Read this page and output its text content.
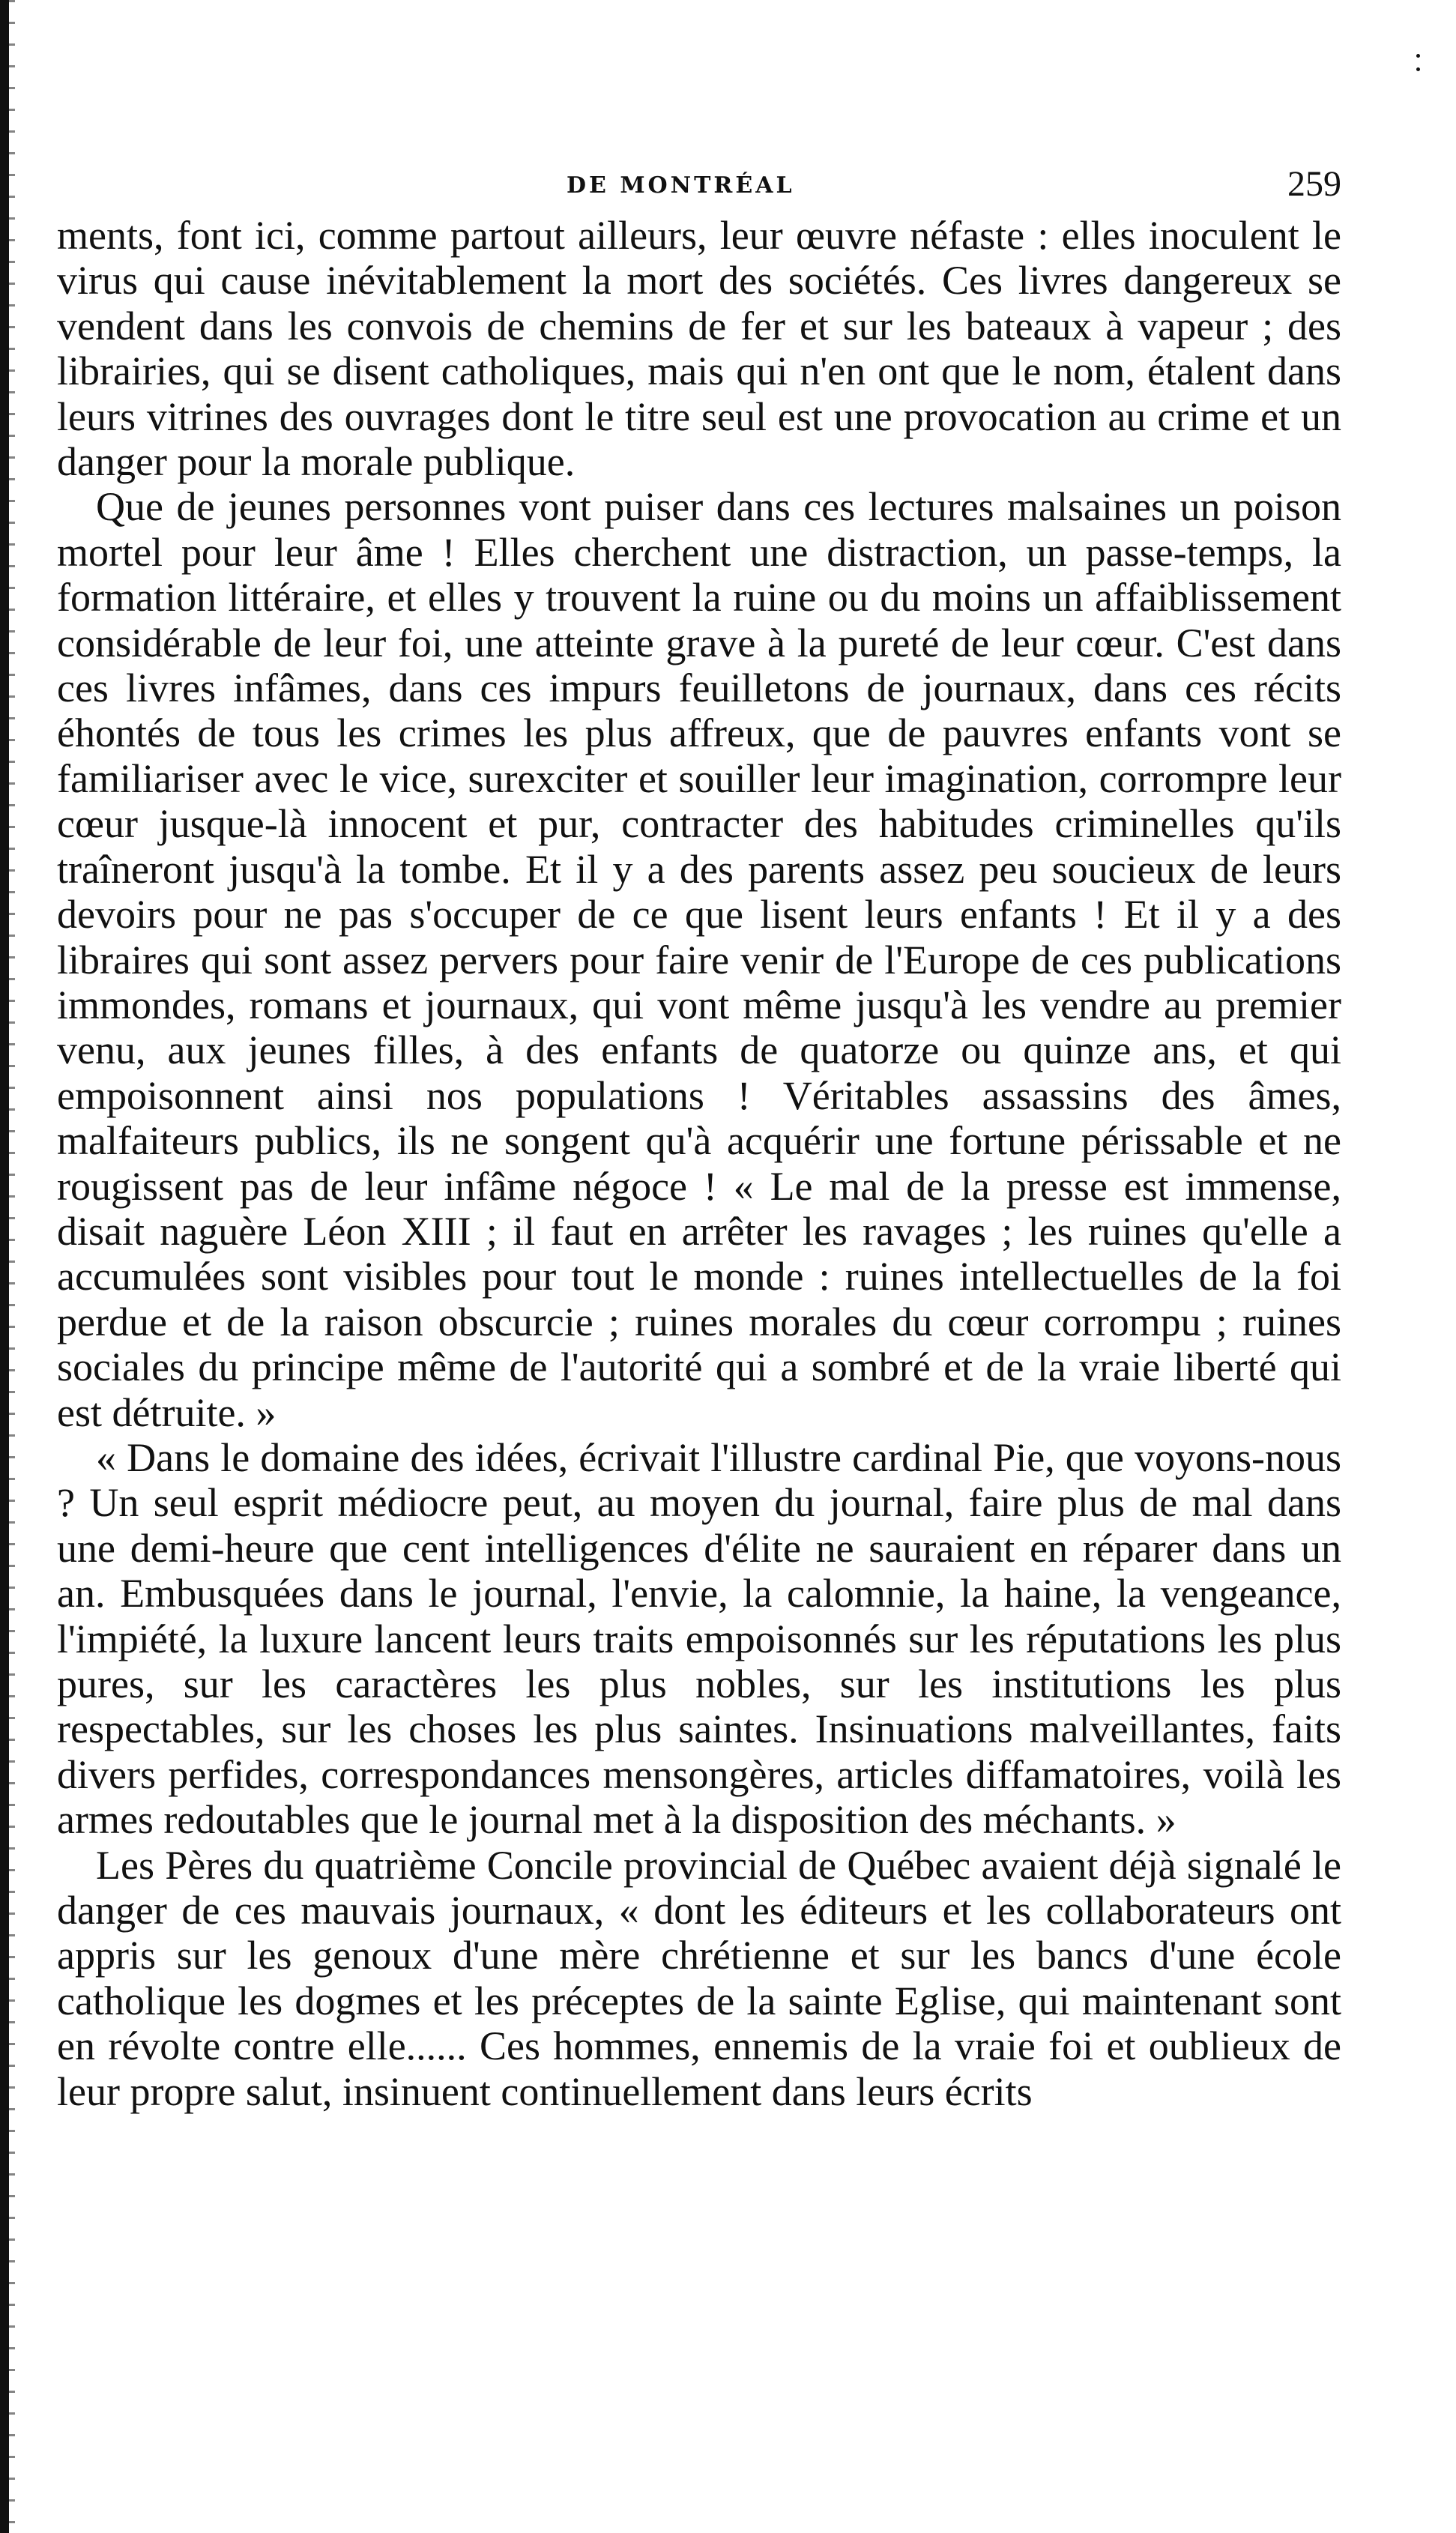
DE MONTRÉAL	259

ments, font ici, comme partout ailleurs, leur œuvre néfaste : elles inoculent le virus qui cause inévitablement la mort des sociétés. Ces livres dangereux se vendent dans les convois de chemins de fer et sur les bateaux à vapeur ; des librairies, qui se disent catholiques, mais qui n'en ont que le nom, étalent dans leurs vitrines des ouvrages dont le titre seul est une provocation au crime et un danger pour la morale publique.

Que de jeunes personnes vont puiser dans ces lectures malsaines un poison mortel pour leur âme ! Elles cherchent une distraction, un passe-temps, la formation littéraire, et elles y trouvent la ruine ou du moins un affaiblissement considérable de leur foi, une atteinte grave à la pureté de leur cœur. C'est dans ces livres infâmes, dans ces impurs feuilletons de journaux, dans ces récits éhontés de tous les crimes les plus affreux, que de pauvres enfants vont se familiariser avec le vice, surexciter et souiller leur imagination, corrompre leur cœur jusque-là innocent et pur, contracter des habitudes criminelles qu'ils traîneront jusqu'à la tombe. Et il y a des parents assez peu soucieux de leurs devoirs pour ne pas s'occuper de ce que lisent leurs enfants ! Et il y a des libraires qui sont assez pervers pour faire venir de l'Europe de ces publications immondes, romans et journaux, qui vont même jusqu'à les vendre au premier venu, aux jeunes filles, à des enfants de quatorze ou quinze ans, et qui empoisonnent ainsi nos populations ! Véritables assassins des âmes, malfaiteurs publics, ils ne songent qu'à acquérir une fortune périssable et ne rougissent pas de leur infâme négoce ! « Le mal de la presse est immense, disait naguère Léon XIII ; il faut en arrêter les ravages ; les ruines qu'elle a accumulées sont visibles pour tout le monde : ruines intellectuelles de la foi perdue et de la raison obscurcie ; ruines morales du cœur corrompu ; ruines sociales du principe même de l'autorité qui a sombré et de la vraie liberté qui est détruite. »

« Dans le domaine des idées, écrivait l'illustre cardinal Pie, que voyons-nous ? Un seul esprit médiocre peut, au moyen du journal, faire plus de mal dans une demi-heure que cent intelligences d'élite ne sauraient en réparer dans un an. Embusquées dans le journal, l'envie, la calomnie, la haine, la vengeance, l'impiété, la luxure lancent leurs traits empoisonnés sur les réputations les plus pures, sur les caractères les plus nobles, sur les institutions les plus respectables, sur les choses les plus saintes. Insinuations malveillantes, faits divers perfides, correspondances mensongères, articles diffamatoires, voilà les armes redoutables que le journal met à la disposition des méchants. »

Les Pères du quatrième Concile provincial de Québec avaient déjà signalé le danger de ces mauvais journaux, « dont les éditeurs et les collaborateurs ont appris sur les genoux d'une mère chrétienne et sur les bancs d'une école catholique les dogmes et les préceptes de la sainte Eglise, qui maintenant sont en révolte contre elle...... Ces hommes, ennemis de la vraie foi et oublieux de leur propre salut, insinuent continuellement dans leurs écrits
